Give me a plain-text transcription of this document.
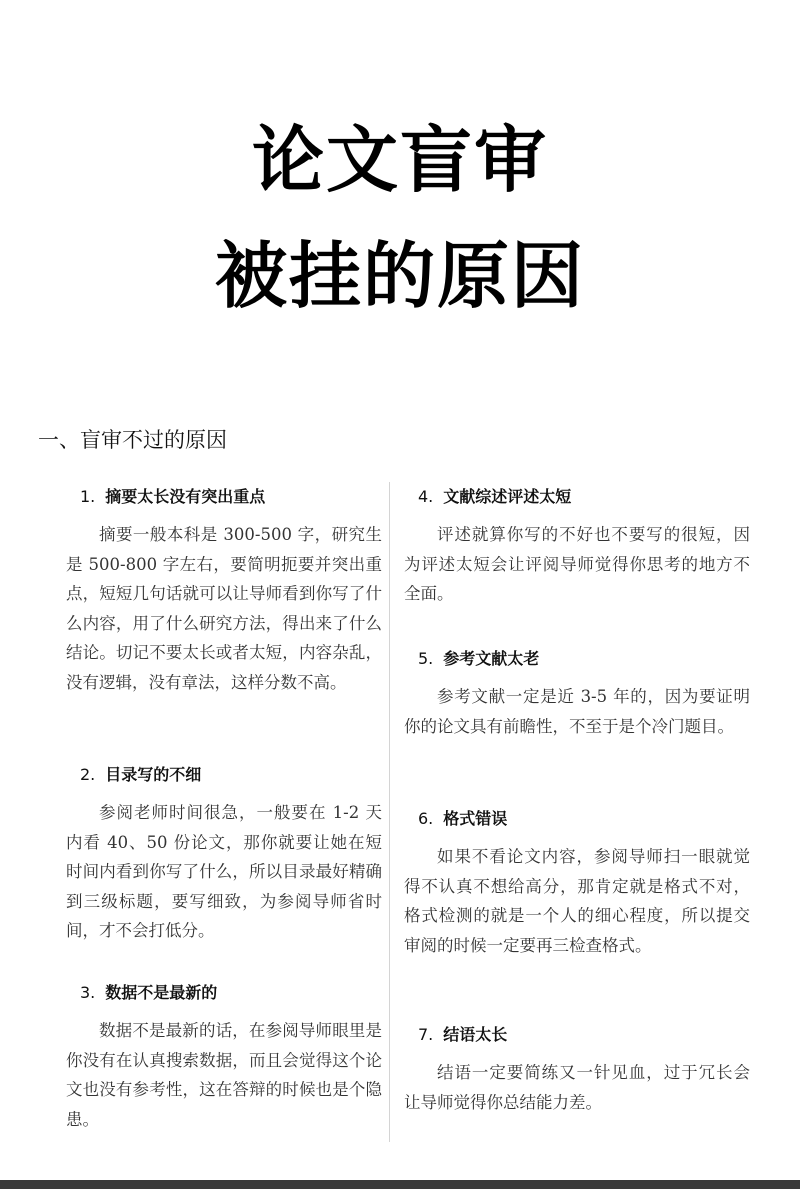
论文盲审
被挂的原因
一、盲审不过的原因
1. 摘要太长没有突出重点
摘要一般本科是 300-500 字，研究生是 500-800 字左右，要简明扼要并突出重点，短短几句话就可以让导师看到你写了什么内容，用了什么研究方法，得出来了什么结论。切记不要太长或者太短，内容杂乱，没有逻辑，没有章法，这样分数不高。
2. 目录写的不细
参阅老师时间很急，一般要在 1-2 天内看 40、50 份论文，那你就要让她在短时间内看到你写了什么，所以目录最好精确到三级标题，要写细致，为参阅导师省时间，才不会打低分。
3. 数据不是最新的
数据不是最新的话，在参阅导师眼里是你没有在认真搜索数据，而且会觉得这个论文也没有参考性，这在答辩的时候也是个隐患。
4. 文献综述评述太短
评述就算你写的不好也不要写的很短，因为评述太短会让评阅导师觉得你思考的地方不全面。
5. 参考文献太老
参考文献一定是近 3-5 年的，因为要证明你的论文具有前瞻性，不至于是个冷门题目。
6. 格式错误
如果不看论文内容，参阅导师扫一眼就觉得不认真不想给高分，那肯定就是格式不对，格式检测的就是一个人的细心程度，所以提交审阅的时候一定要再三检查格式。
7. 结语太长
结语一定要简练又一针见血，过于冗长会让导师觉得你总结能力差。
